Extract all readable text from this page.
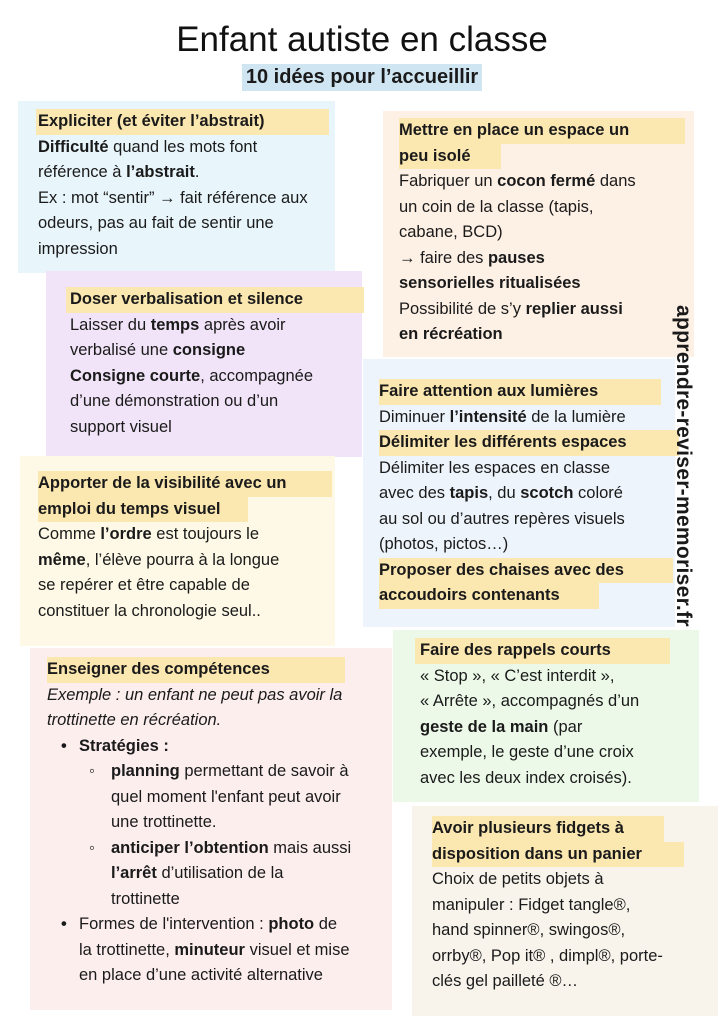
Enfant autiste en classe
10 idées pour l’accueillir

Expliciter (et éviter l’abstrait)

Difficulté quand les mots font

référence à l’abstrait.

Ex : mot “sentir” → fait référence aux

odeurs, pas au fait de sentir une

impression

Doser verbalisation et silence

Laisser du temps après avoir

verbalisé une consigne

Consigne courte, accompagnée

d’une démonstration ou d’un

support visuel

Apporter de la visibilité avec un

emploi du temps visuel

Comme l’ordre est toujours le

même, l’élève pourra à la longue

se repérer et être capable de

constituer la chronologie seul..

Enseigner des compétences

Exemple : un enfant ne peut pas avoir la

trottinette en récréation.

• Stratégies :
◦ planning permettant de savoir à
quel moment l'enfant peut avoir
une trottinette.
◦ anticiper l’obtention mais aussi
l’arrêt d’utilisation de la
trottinette
• Formes de l'intervention : photo de
la trottinette, minuteur visuel et mise
en place d’une activité alternative

Mettre en place un espace un

peu isolé

Fabriquer un cocon fermé dans

un coin de la classe (tapis,

cabane, BCD)

→ faire des pauses

sensorielles ritualisées

Possibilité de s’y replier aussi

en récréation

Faire attention aux lumières

Diminuer l’intensité de la lumière

Délimiter les différents espaces

Délimiter les espaces en classe

avec des tapis, du scotch coloré

au sol ou d’autres repères visuels

(photos, pictos…)

Proposer des chaises avec des

accoudoirs contenants

Faire des rappels courts

« Stop », « C’est interdit »,

« Arrête », accompagnés d’un

geste de la main (par

exemple, le geste d’une croix

avec les deux index croisés).

Avoir plusieurs fidgets à

disposition dans un panier

Choix de petits objets à

manipuler : Fidget tangle®,

hand spinner®, swingos®,

orrby®, Pop it® , dimpl®, porte-

clés gel pailleté ®…

apprendre-reviser-memoriser.fr
